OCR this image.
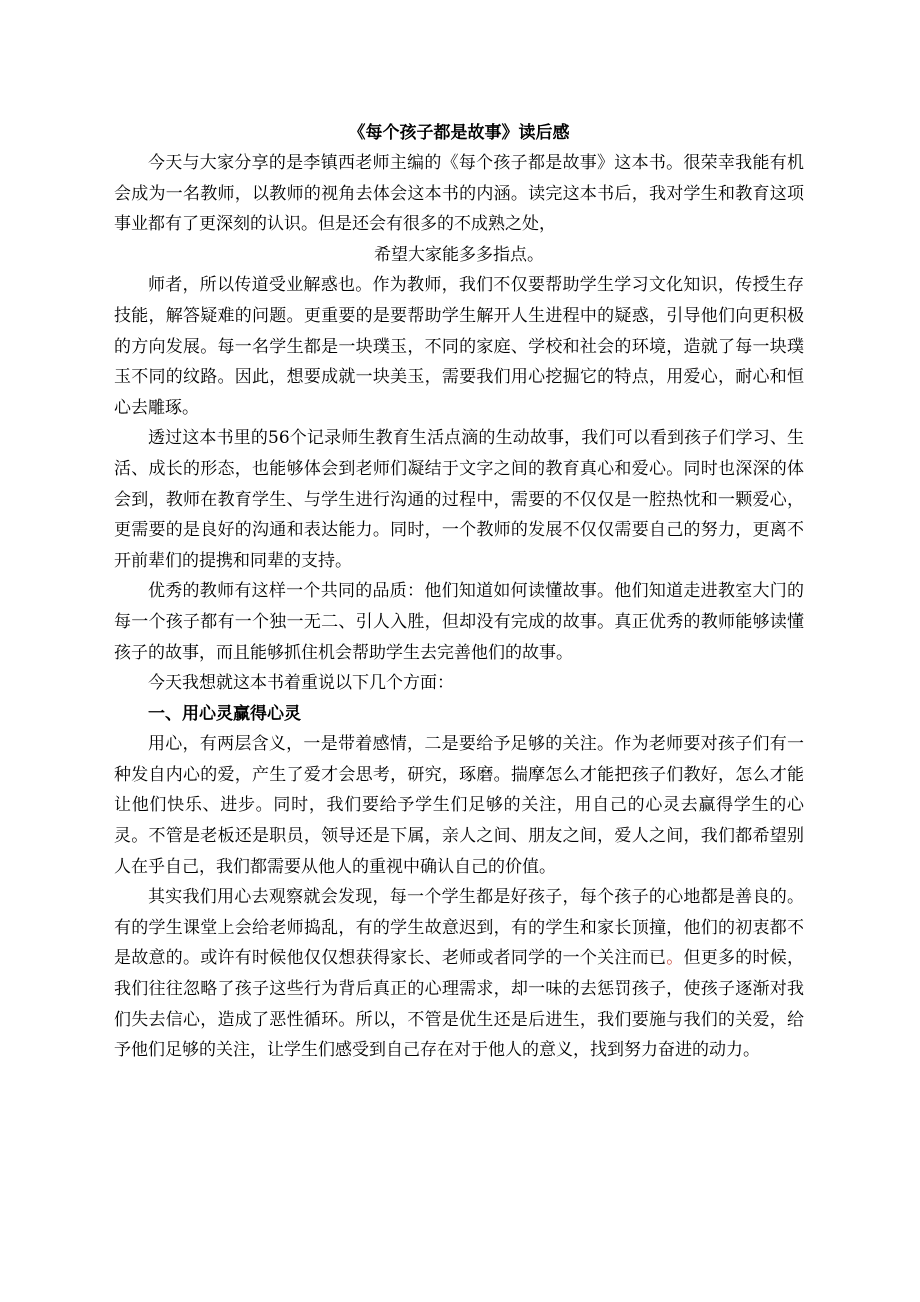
《每个孩子都是故事》读后感

今天与大家分享的是李镇西老师主编的《每个孩子都是故事》这本书。很荣幸我能有机会成为一名教师，以教师的视角去体会这本书的内涵。读完这本书后，我对学生和教育这项事业都有了更深刻的认识。但是还会有很多的不成熟之处，

希望大家能多多指点。

师者，所以传道受业解惑也。作为教师，我们不仅要帮助学生学习文化知识，传授生存技能，解答疑难的问题。更重要的是要帮助学生解开人生进程中的疑惑，引导他们向更积极的方向发展。每一名学生都是一块璞玉，不同的家庭、学校和社会的环境，造就了每一块璞玉不同的纹路。因此，想要成就一块美玉，需要我们用心挖掘它的特点，用爱心，耐心和恒心去雕琢。

透过这本书里的56个记录师生教育生活点滴的生动故事，我们可以看到孩子们学习、生活、成长的形态，也能够体会到老师们凝结于文字之间的教育真心和爱心。同时也深深的体会到，教师在教育学生、与学生进行沟通的过程中，需要的不仅仅是一腔热忱和一颗爱心，更需要的是良好的沟通和表达能力。同时，一个教师的发展不仅仅需要自己的努力，更离不开前辈们的提携和同辈的支持。

优秀的教师有这样一个共同的品质：他们知道如何读懂故事。他们知道走进教室大门的每一个孩子都有一个独一无二、引人入胜，但却没有完成的故事。真正优秀的教师能够读懂孩子的故事，而且能够抓住机会帮助学生去完善他们的故事。

今天我想就这本书着重说以下几个方面：

一、用心灵赢得心灵

用心，有两层含义，一是带着感情，二是要给予足够的关注。作为老师要对孩子们有一种发自内心的爱，产生了爱才会思考，研究，琢磨。揣摩怎么才能把孩子们教好，怎么才能让他们快乐、进步。同时，我们要给予学生们足够的关注，用自己的心灵去赢得学生的心灵。不管是老板还是职员，领导还是下属，亲人之间、朋友之间，爱人之间，我们都希望别人在乎自己，我们都需要从他人的重视中确认自己的价值。

其实我们用心去观察就会发现，每一个学生都是好孩子，每个孩子的心地都是善良的。有的学生课堂上会给老师捣乱，有的学生故意迟到，有的学生和家长顶撞，他们的初衷都不是故意的。或许有时候他仅仅想获得家长、老师或者同学的一个关注而已。但更多的时候，我们往往忽略了孩子这些行为背后真正的心理需求，却一味的去惩罚孩子，使孩子逐渐对我们失去信心，造成了恶性循环。所以，不管是优生还是后进生，我们要施与我们的关爱，给予他们足够的关注，让学生们感受到自己存在对于他人的意义，找到努力奋进的动力。
